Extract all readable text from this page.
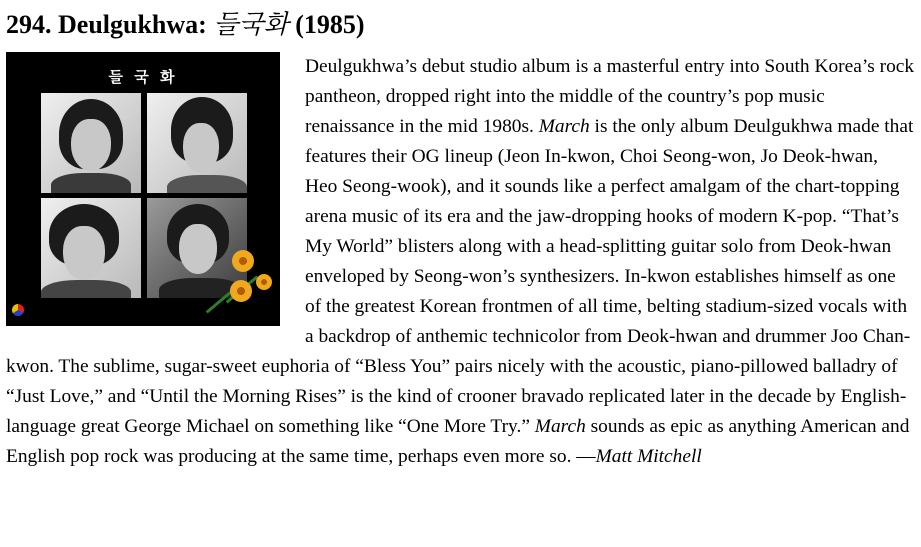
294. Deulgukhwa: 들국화 (1985)
들 국 화	Deulgukhwa’s debut studio album is a masterful entry into South Korea’s rock pantheon, dropped right into the middle of the country’s pop music renaissance in the mid 1980s. March is the only album Deulgukhwa made that features their OG lineup (Jeon In-kwon, Choi Seong-won, Jo Deok-hwan, Heo Seong-wook), and it sounds like a perfect amalgam of the chart-topping arena music of its era and the jaw-dropping hooks of modern K-pop. “That’s My World” blisters along with a head-splitting guitar solo from Deok-hwan enveloped by Seong-won’s synthesizers. In-kwon establishes himself as one of the greatest Korean frontmen of all time, belting stadium-sized vocals with a backdrop of anthemic technicolor from Deok-hwan and drummer Joo Chan-kwon. The sublime, sugar-sweet euphoria of “Bless You” pairs nicely with the acoustic, piano-pillowed balladry of “Just Love,” and “Until the Morning Rises” is the kind of crooner bravado replicated later in the decade by English-language great George Michael on something like “One More Try.” March sounds as epic as anything American and English pop rock was producing at the same time, perhaps even more so. —Matt Mitchell
